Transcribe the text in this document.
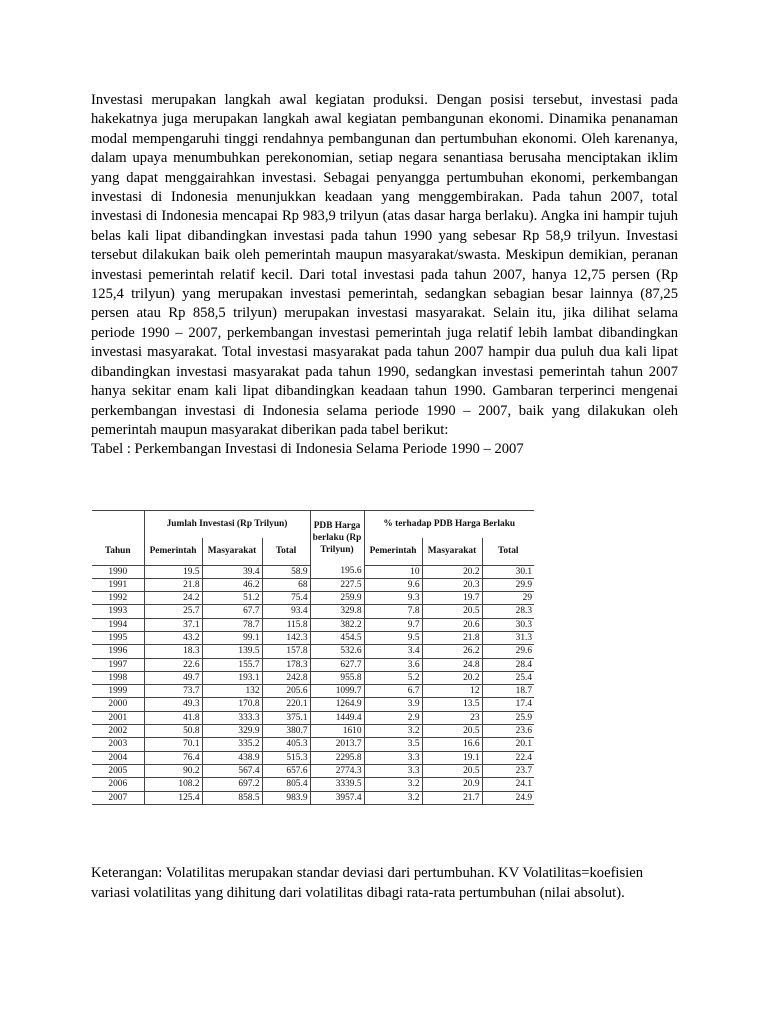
Investasi merupakan langkah awal kegiatan produksi. Dengan posisi tersebut, investasi pada hakekatnya juga merupakan langkah awal kegiatan pembangunan ekonomi. Dinamika penanaman modal mempengaruhi tinggi rendahnya pembangunan dan pertumbuhan ekonomi. Oleh karenanya, dalam upaya menumbuhkan perekonomian, setiap negara senantiasa berusaha menciptakan iklim yang dapat menggairahkan investasi. Sebagai penyangga pertumbuhan ekonomi, perkembangan investasi di Indonesia menunjukkan keadaan yang menggembirakan. Pada tahun 2007, total investasi di Indonesia mencapai Rp 983,9 trilyun (atas dasar harga berlaku). Angka ini hampir tujuh belas kali lipat dibandingkan investasi pada tahun 1990 yang sebesar Rp 58,9 trilyun. Investasi tersebut dilakukan baik oleh pemerintah maupun masyarakat/swasta. Meskipun demikian, peranan investasi pemerintah relatif kecil. Dari total investasi pada tahun 2007, hanya 12,75 persen (Rp 125,4 trilyun) yang merupakan investasi pemerintah, sedangkan sebagian besar lainnya (87,25 persen atau Rp 858,5 trilyun) merupakan investasi masyarakat. Selain itu, jika dilihat selama periode 1990 – 2007, perkembangan investasi pemerintah juga relatif lebih lambat dibandingkan investasi masyarakat. Total investasi masyarakat pada tahun 2007 hampir dua puluh dua kali lipat dibandingkan investasi masyarakat pada tahun 1990, sedangkan investasi pemerintah tahun 2007 hanya sekitar enam kali lipat dibandingkan keadaan tahun 1990. Gambaran terperinci mengenai perkembangan investasi di Indonesia selama periode 1990 – 2007, baik yang dilakukan oleh pemerintah maupun masyarakat diberikan pada tabel berikut:

Tabel : Perkembangan Investasi di Indonesia Selama Periode 1990 – 2007

	Jumlah Investasi (Rp Trilyun)			PDB Harga berlaku (Rp Trilyun)	% terhadap PDB Harga Berlaku		
Tahun	Pemerintah	Masyarakat	Total		Pemerintah	Masyarakat	Total
1990	19.5	39.4	58.9	195.6	10	20.2	30.1
1991	21.8	46.2	68	227.5	9.6	20.3	29.9
1992	24.2	51.2	75.4	259.9	9.3	19.7	29
1993	25.7	67.7	93.4	329.8	7.8	20.5	28.3
1994	37.1	78.7	115.8	382.2	9.7	20.6	30.3
1995	43.2	99.1	142.3	454.5	9.5	21.8	31.3
1996	18.3	139.5	157.8	532.6	3.4	26.2	29.6
1997	22.6	155.7	178.3	627.7	3.6	24.8	28.4
1998	49.7	193.1	242.8	955.8	5.2	20.2	25.4
1999	73.7	132	205.6	1099.7	6.7	12	18.7
2000	49.3	170.8	220.1	1264.9	3.9	13.5	17.4
2001	41.8	333.3	375.1	1449.4	2.9	23	25.9
2002	50.8	329.9	380.7	1610	3.2	20.5	23.6
2003	70.1	335.2	405.3	2013.7	3.5	16.6	20.1
2004	76.4	438.9	515.3	2295.8	3.3	19.1	22.4
2005	90.2	567.4	657.6	2774.3	3.3	20.5	23.7
2006	108.2	697.2	805.4	3339.5	3.2	20.9	24.1
2007	125.4	858.5	983.9	3957.4	3.2	21.7	24.9

Keterangan: Volatilitas merupakan standar deviasi dari pertumbuhan. KV Volatilitas=koefisien variasi volatilitas yang dihitung dari volatilitas dibagi rata-rata pertumbuhan (nilai absolut).
